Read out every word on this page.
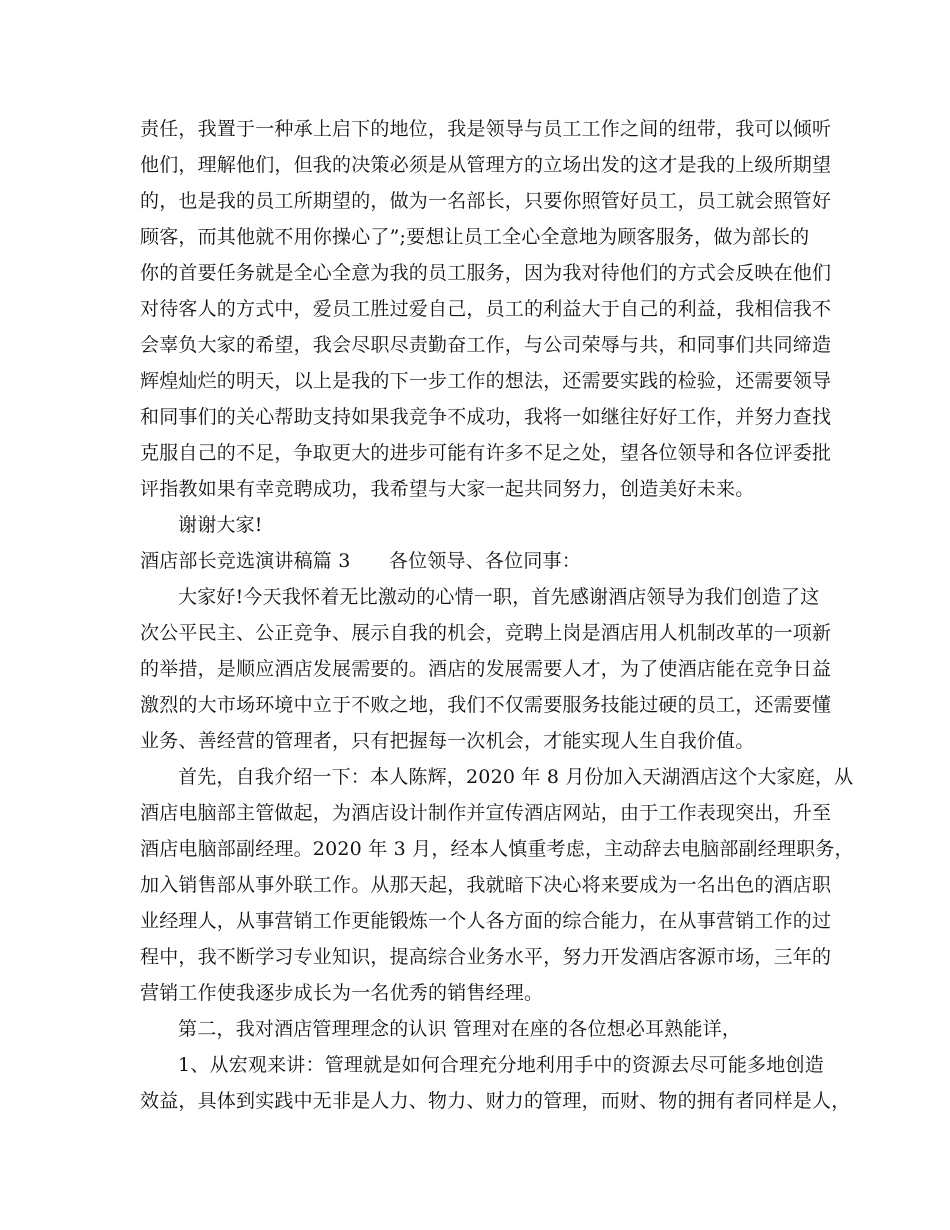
责任，我置于一种承上启下的地位，我是领导与员工工作之间的纽带，我可以倾听
他们，理解他们，但我的决策必须是从管理方的立场出发的这才是我的上级所期望
的，也是我的员工所期望的，做为一名部长，只要你照管好员工，员工就会照管好
顾客，而其他就不用你操心了”;要想让员工全心全意地为顾客服务，做为部长的
你的首要任务就是全心全意为我的员工服务，因为我对待他们的方式会反映在他们
对待客人的方式中，爱员工胜过爱自己，员工的利益大于自己的利益，我相信我不
会辜负大家的希望，我会尽职尽责勤奋工作，与公司荣辱与共，和同事们共同缔造
辉煌灿烂的明天，以上是我的下一步工作的想法，还需要实践的检验，还需要领导
和同事们的关心帮助支持如果我竞争不成功，我将一如继往好好工作，并努力查找
克服自己的不足，争取更大的进步可能有许多不足之处，望各位领导和各位评委批
评指教如果有幸竞聘成功，我希望与大家一起共同努力，创造美好未来。
谢谢大家!
酒店部长竞选演讲稿篇 3　　各位领导、各位同事：
大家好!今天我怀着无比激动的心情一职，首先感谢酒店领导为我们创造了这
次公平民主、公正竞争、展示自我的机会，竞聘上岗是酒店用人机制改革的一项新
的举措，是顺应酒店发展需要的。酒店的发展需要人才，为了使酒店能在竞争日益
激烈的大市场环境中立于不败之地，我们不仅需要服务技能过硬的员工，还需要懂
业务、善经营的管理者，只有把握每一次机会，才能实现人生自我价值。
首先，自我介绍一下：本人陈辉，2020 年 8 月份加入天湖酒店这个大家庭，从
酒店电脑部主管做起，为酒店设计制作并宣传酒店网站，由于工作表现突出，升至
酒店电脑部副经理。2020 年 3 月，经本人慎重考虑，主动辞去电脑部副经理职务，
加入销售部从事外联工作。从那天起，我就暗下决心将来要成为一名出色的酒店职
业经理人，从事营销工作更能锻炼一个人各方面的综合能力，在从事营销工作的过
程中，我不断学习专业知识，提高综合业务水平，努力开发酒店客源市场，三年的
营销工作使我逐步成长为一名优秀的销售经理。
第二，我对酒店管理理念的认识 管理对在座的各位想必耳熟能详，
1、从宏观来讲：管理就是如何合理充分地利用手中的资源去尽可能多地创造
效益，具体到实践中无非是人力、物力、财力的管理，而财、物的拥有者同样是人，
